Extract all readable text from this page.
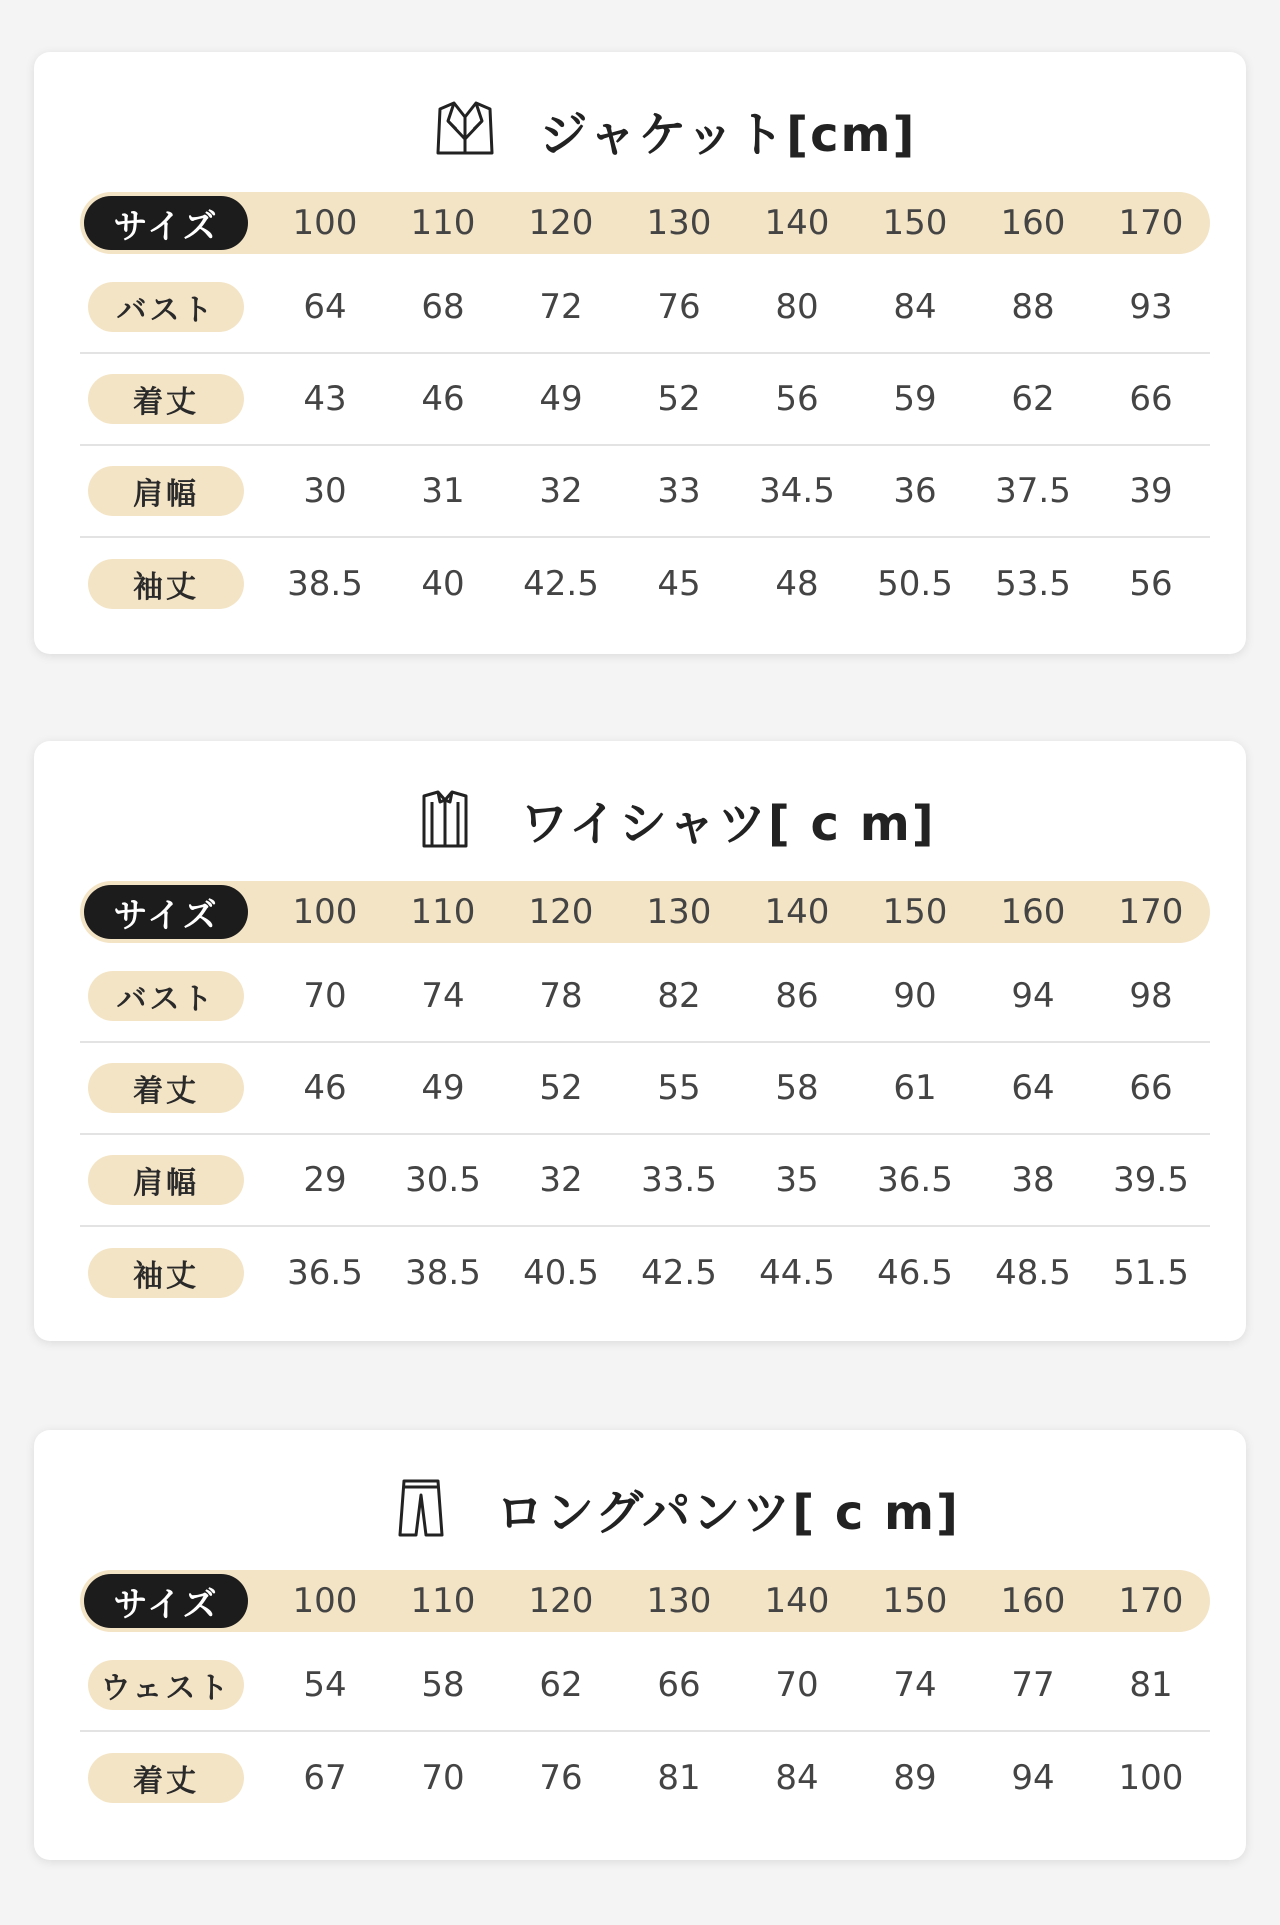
ジャケット[cm]
サイズ	100	110	120	130	140	150	160	170
バスト	64	68	72	76	80	84	88	93
着丈	43	46	49	52	56	59	62	66
肩幅	30	31	32	33	34.5	36	37.5	39
袖丈	38.5	40	42.5	45	48	50.5	53.5	56
ワイシャツ[ c m]
サイズ	100	110	120	130	140	150	160	170
バスト	70	74	78	82	86	90	94	98
着丈	46	49	52	55	58	61	64	66
肩幅	29	30.5	32	33.5	35	36.5	38	39.5
袖丈	36.5	38.5	40.5	42.5	44.5	46.5	48.5	51.5
ロングパンツ[ c m]
サイズ	100	110	120	130	140	150	160	170
ウェスト	54	58	62	66	70	74	77	81
着丈	67	70	76	81	84	89	94	100
